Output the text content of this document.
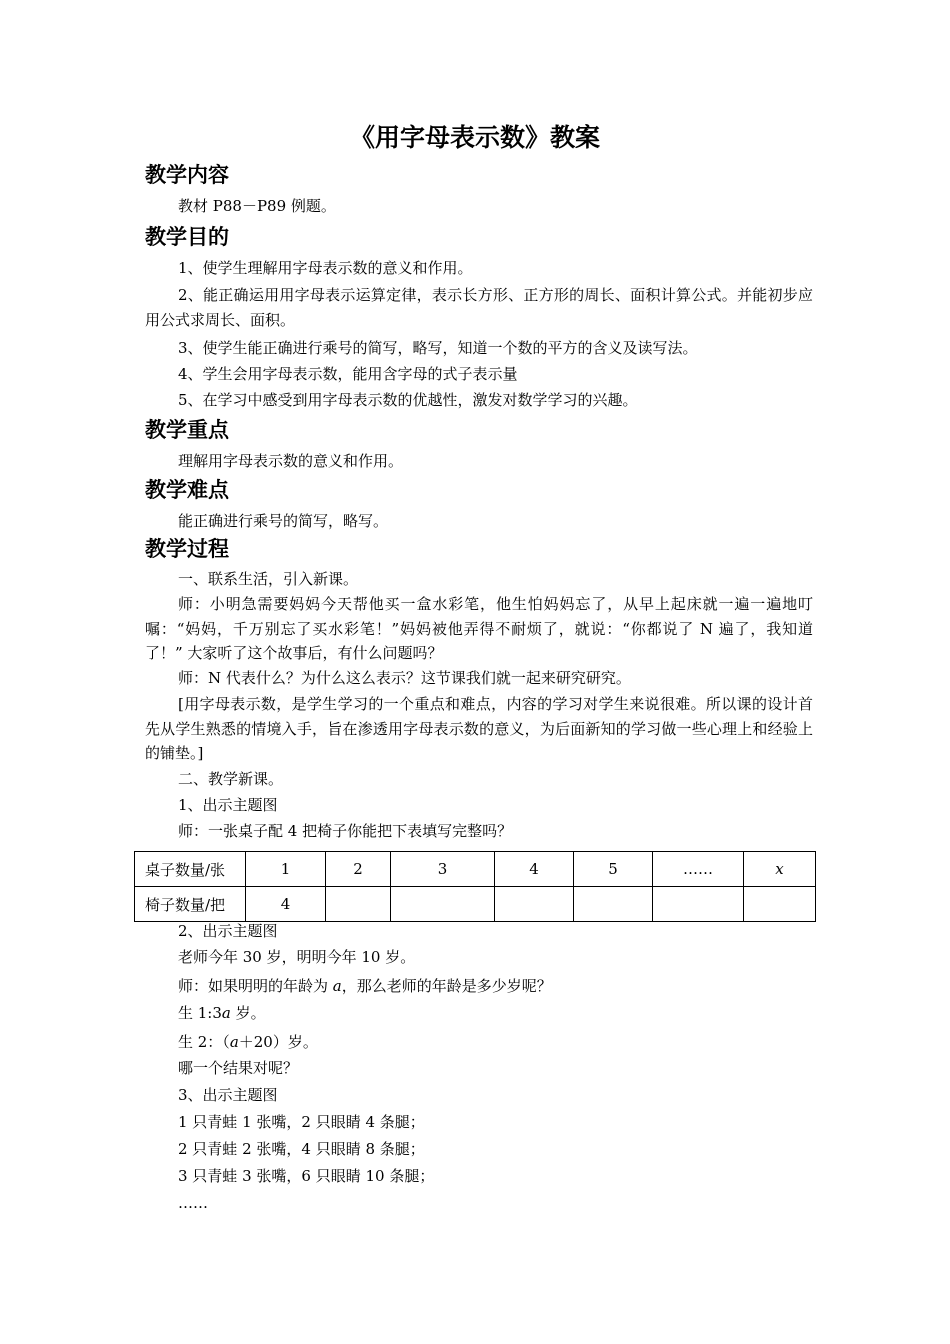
《用字母表示数》教案
教学内容
教材 P88－P89 例题。
教学目的
1、使学生理解用字母表示数的意义和作用。
2、能正确运用用字母表示运算定律，表示长方形、正方形的周长、面积计算公式。并能初步应用公式求周长、面积。
3、使学生能正确进行乘号的简写，略写，知道一个数的平方的含义及读写法。
4、学生会用字母表示数，能用含字母的式子表示量
5、在学习中感受到用字母表示数的优越性，激发对数学学习的兴趣。
教学重点
理解用字母表示数的意义和作用。
教学难点
能正确进行乘号的简写，略写。
教学过程
一、联系生活，引入新课。
师：小明急需要妈妈今天帮他买一盒水彩笔，他生怕妈妈忘了，从早上起床就一遍一遍地叮嘱：“妈妈，千万别忘了买水彩笔！”妈妈被他弄得不耐烦了，就说：“你都说了 N 遍了，我知道了！” 大家听了这个故事后，有什么问题吗？
师：N 代表什么？为什么这么表示？这节课我们就一起来研究研究。
[用字母表示数，是学生学习的一个重点和难点，内容的学习对学生来说很难。所以课的设计首先从学生熟悉的情境入手，旨在渗透用字母表示数的意义，为后面新知的学习做一些心理上和经验上的铺垫。]
二、教学新课。
1、出示主题图
师：一张桌子配 4 把椅子你能把下表填写完整吗？
桌子数量/张	1	2	3	4	5	……	x
椅子数量/把	4						
2、出示主题图
老师今年 30 岁，明明今年 10 岁。
师：如果明明的年龄为 a，那么老师的年龄是多少岁呢？
生 1:3a 岁。
生 2：（a＋20）岁。
哪一个结果对呢？
3、出示主题图
1 只青蛙 1 张嘴，2 只眼睛 4 条腿；
2 只青蛙 2 张嘴，4 只眼睛 8 条腿；
3 只青蛙 3 张嘴，6 只眼睛 10 条腿；
……
